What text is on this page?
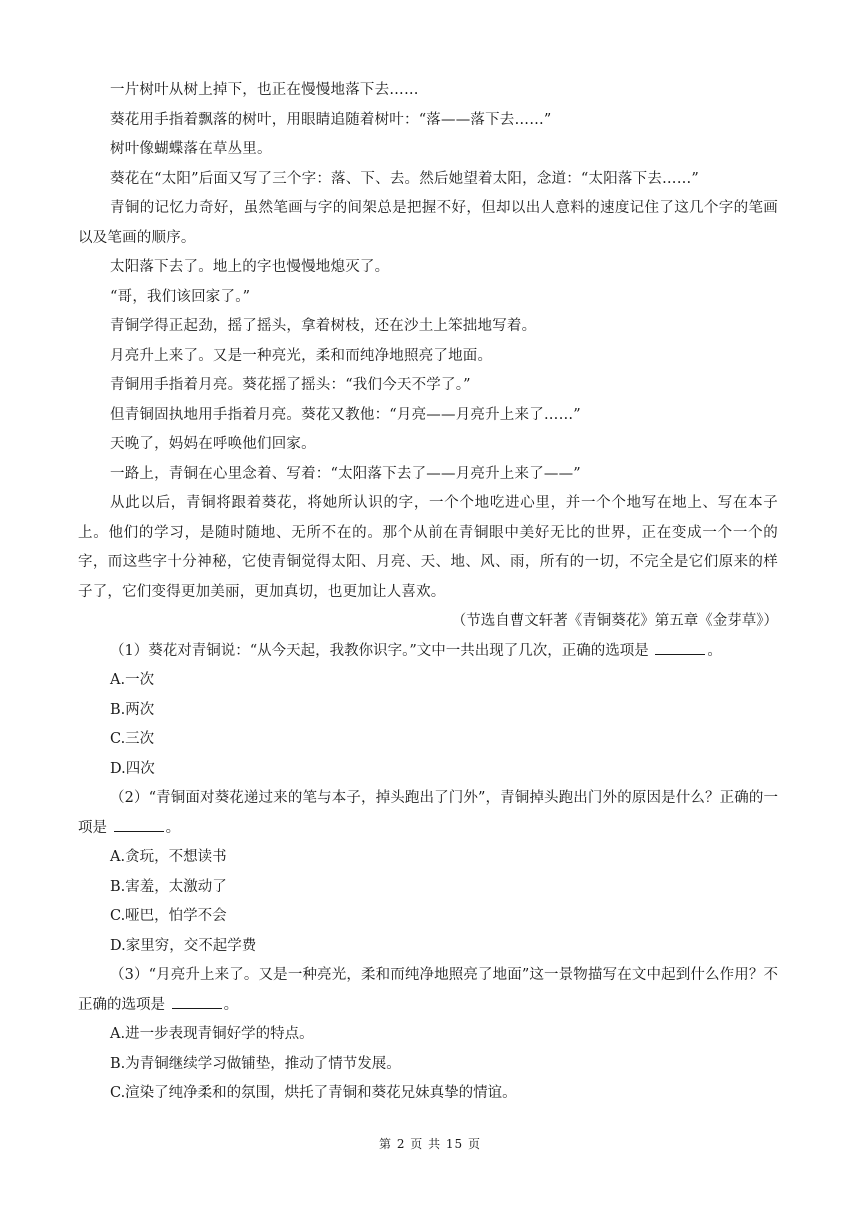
一片树叶从树上掉下，也正在慢慢地落下去……

葵花用手指着飘落的树叶，用眼睛追随着树叶：“落——落下去……”

树叶像蝴蝶落在草丛里。

葵花在“太阳”后面又写了三个字：落、下、去。然后她望着太阳，念道：“太阳落下去……”

青铜的记忆力奇好，虽然笔画与字的间架总是把握不好，但却以出人意料的速度记住了这几个字的笔画以及笔画的顺序。

太阳落下去了。地上的字也慢慢地熄灭了。

“哥，我们该回家了。”

青铜学得正起劲，摇了摇头，拿着树枝，还在沙土上笨拙地写着。

月亮升上来了。又是一种亮光，柔和而纯净地照亮了地面。

青铜用手指着月亮。葵花摇了摇头：“我们今天不学了。”

但青铜固执地用手指着月亮。葵花又教他：“月亮——月亮升上来了……”

天晚了，妈妈在呼唤他们回家。

一路上，青铜在心里念着、写着：“太阳落下去了——月亮升上来了——”

从此以后，青铜将跟着葵花，将她所认识的字，一个个地吃进心里，并一个个地写在地上、写在本子上。他们的学习，是随时随地、无所不在的。那个从前在青铜眼中美好无比的世界，正在变成一个一个的字，而这些字十分神秘，它使青铜觉得太阳、月亮、天、地、风、雨，所有的一切，不完全是它们原来的样子了，它们变得更加美丽，更加真切，也更加让人喜欢。

（节选自曹文轩著《青铜葵花》第五章《金芽草》）

（1）葵花对青铜说：“从今天起，我教你识字。”文中一共出现了几次，正确的选项是	。

A.一次

B.两次

C.三次

D.四次

（2）“青铜面对葵花递过来的笔与本子，掉头跑出了门外”，青铜掉头跑出门外的原因是什么？正确的一项是	。

A.贪玩，不想读书

B.害羞，太激动了

C.哑巴，怕学不会

D.家里穷，交不起学费

（3）“月亮升上来了。又是一种亮光，柔和而纯净地照亮了地面”这一景物描写在文中起到什么作用？不正确的选项是	。

A.进一步表现青铜好学的特点。

B.为青铜继续学习做铺垫，推动了情节发展。

C.渲染了纯净柔和的氛围，烘托了青铜和葵花兄妹真挚的情谊。

第 2 页 共 15 页
